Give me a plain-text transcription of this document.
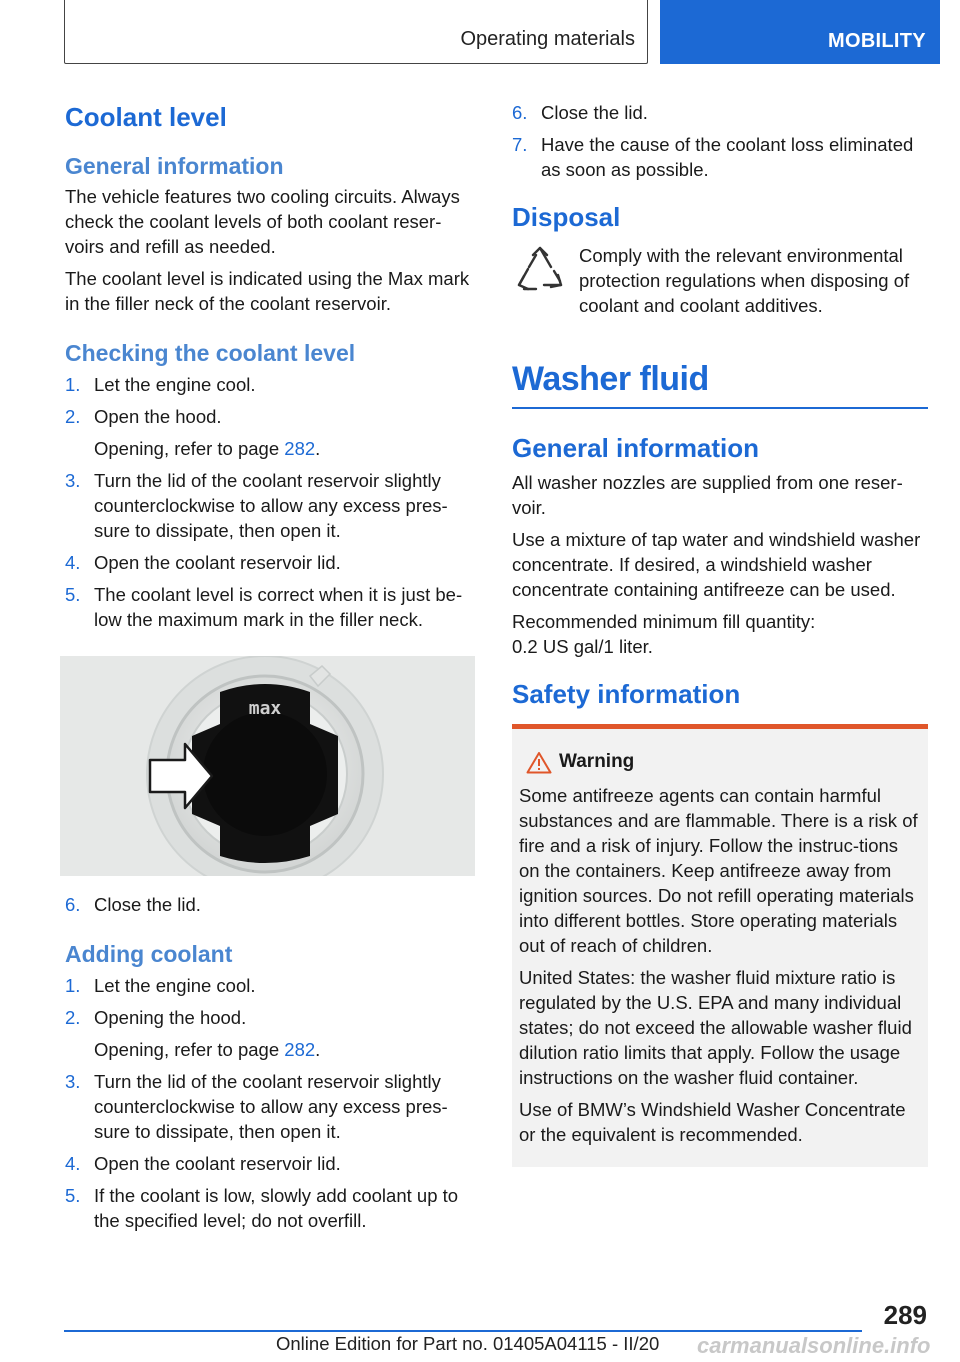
Operating materials	MOBILITY
Coolant level
General information

The vehicle features two cooling circuits. Always check the coolant levels of both coolant reser-voirs and refill as needed.

The coolant level is indicated using the Max mark in the filler neck of the coolant reservoir.

Checking the coolant level
1. Let the engine cool.
2. Open the hood.
Opening, refer to page 282.
3. Turn the lid of the coolant reservoir slightly counterclockwise to allow any excess pres-sure to dissipate, then open it.
4. Open the coolant reservoir lid.
5. The coolant level is correct when it is just be-low the maximum mark in the filler neck.
max
6. Close the lid.
Adding coolant
1. Let the engine cool.
2. Opening the hood.
Opening, refer to page 282.
3. Turn the lid of the coolant reservoir slightly counterclockwise to allow any excess pres-sure to dissipate, then open it.
4. Open the coolant reservoir lid.
5. If the coolant is low, slowly add coolant up to the specified level; do not overfill.
6. Close the lid.
7. Have the cause of the coolant loss eliminated as soon as possible.
Disposal

Comply with the relevant environmental protection regulations when disposing of coolant and coolant additives.

Washer fluid
General information

All washer nozzles are supplied from one reser-voir.

Use a mixture of tap water and windshield washer concentrate. If desired, a windshield washer concentrate containing antifreeze can be used.

Recommended minimum fill quantity:
0.2 US gal/1 liter.

Safety information
Warning

Some antifreeze agents can contain harmful substances and are flammable. There is a risk of fire and a risk of injury. Follow the instruc-tions on the containers. Keep antifreeze away from ignition sources. Do not refill operating materials into different bottles. Store operating materials out of reach of children.

United States: the washer fluid mixture ratio is regulated by the U.S. EPA and many individual states; do not exceed the allowable washer fluid dilution ratio limits that apply. Follow the usage instructions on the washer fluid container.

Use of BMW’s Windshield Washer Concentrate or the equivalent is recommended.

289
Online Edition for Part no. 01405A04115 - II/20 carmanualsonline.info
